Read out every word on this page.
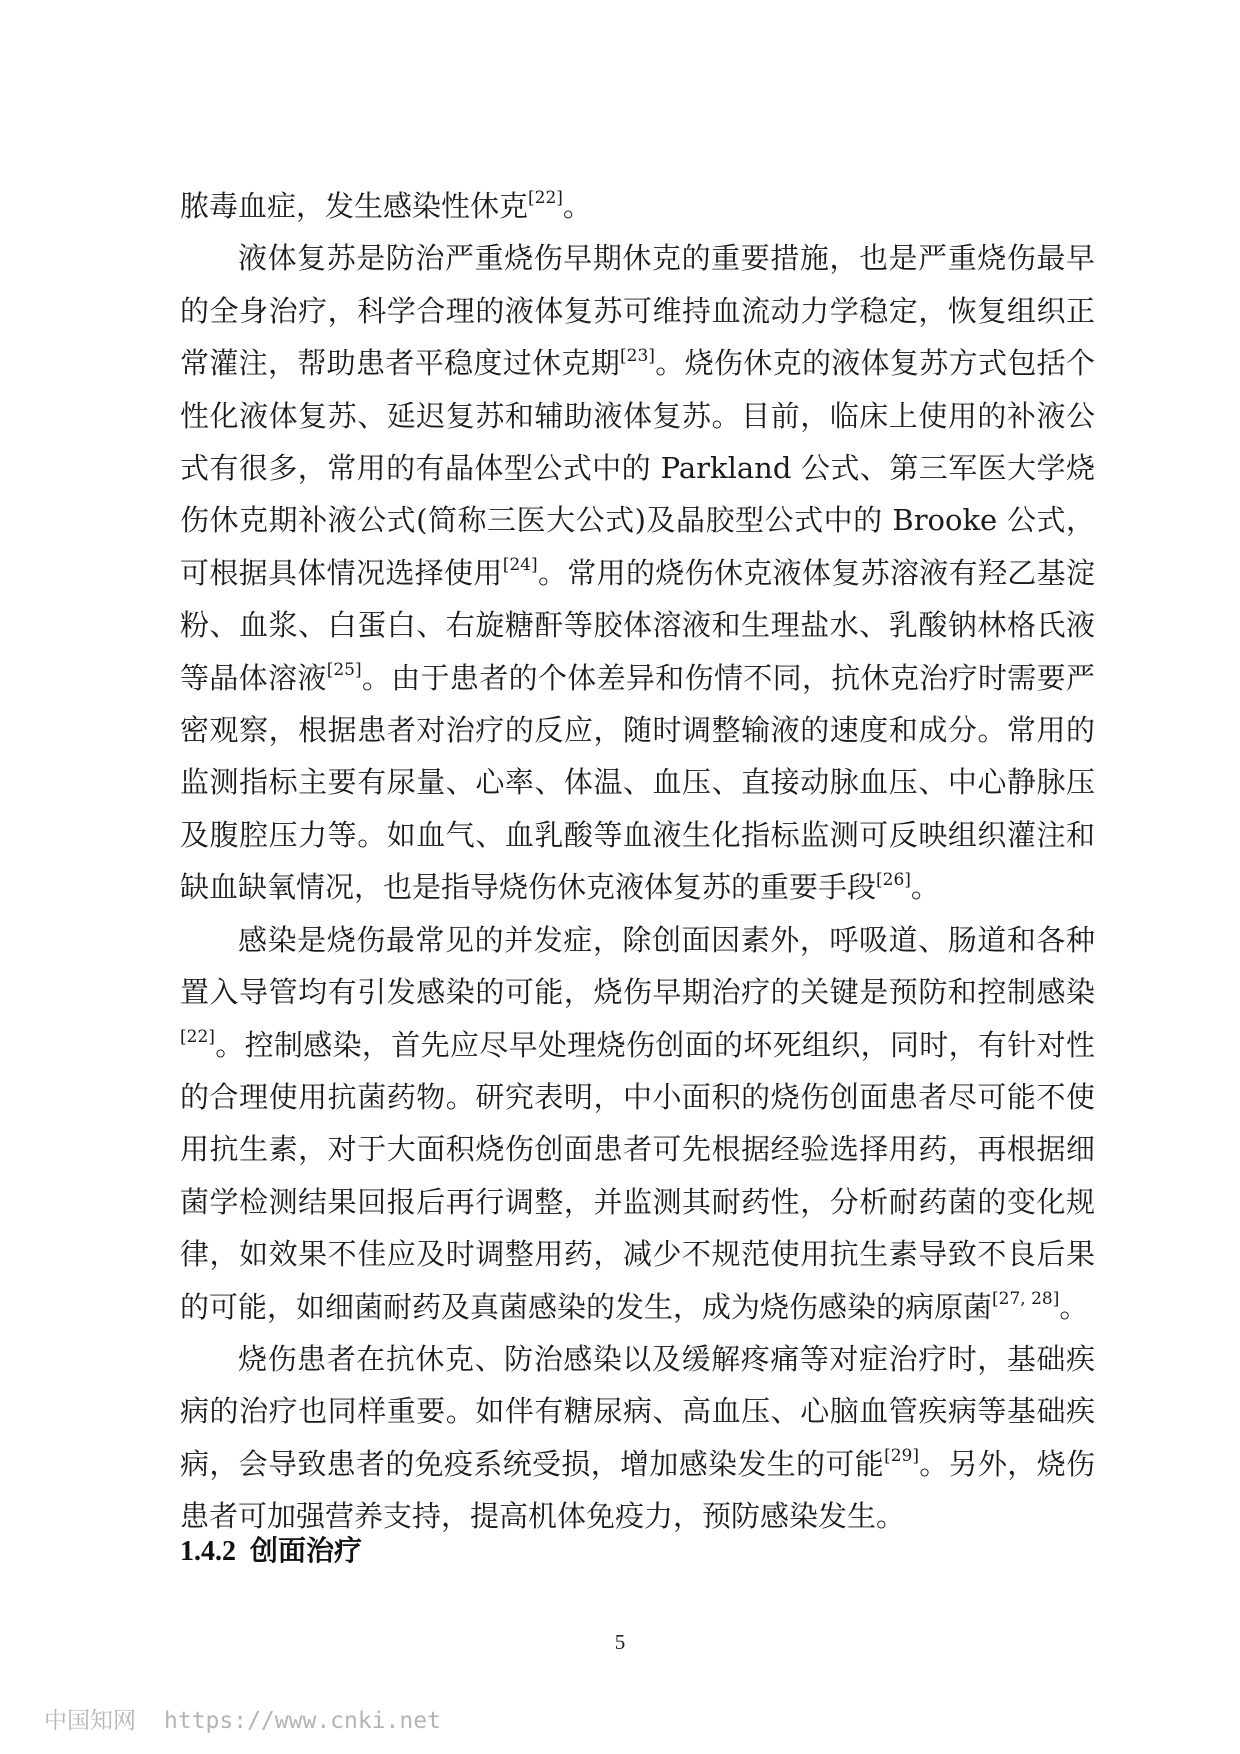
脓毒血症，发生感染性休克[22]。

液体复苏是防治严重烧伤早期休克的重要措施，也是严重烧伤最早的全身治疗，科学合理的液体复苏可维持血流动力学稳定，恢复组织正常灌注，帮助患者平稳度过休克期[23]。烧伤休克的液体复苏方式包括个性化液体复苏、延迟复苏和辅助液体复苏。目前，临床上使用的补液公式有很多，常用的有晶体型公式中的 Parkland 公式、第三军医大学烧伤休克期补液公式(简称三医大公式)及晶胶型公式中的 Brooke 公式，可根据具体情况选择使用[24]。常用的烧伤休克液体复苏溶液有羟乙基淀粉、血浆、白蛋白、右旋糖酐等胶体溶液和生理盐水、乳酸钠林格氏液等晶体溶液[25]。由于患者的个体差异和伤情不同，抗休克治疗时需要严密观察，根据患者对治疗的反应，随时调整输液的速度和成分。常用的监测指标主要有尿量、心率、体温、血压、直接动脉血压、中心静脉压及腹腔压力等。如血气、血乳酸等血液生化指标监测可反映组织灌注和缺血缺氧情况，也是指导烧伤休克液体复苏的重要手段[26]。

感染是烧伤最常见的并发症，除创面因素外，呼吸道、肠道和各种置入导管均有引发感染的可能，烧伤早期治疗的关键是预防和控制感染[22]。控制感染，首先应尽早处理烧伤创面的坏死组织，同时，有针对性的合理使用抗菌药物。研究表明，中小面积的烧伤创面患者尽可能不使用抗生素，对于大面积烧伤创面患者可先根据经验选择用药，再根据细菌学检测结果回报后再行调整，并监测其耐药性，分析耐药菌的变化规律，如效果不佳应及时调整用药，减少不规范使用抗生素导致不良后果的可能，如细菌耐药及真菌感染的发生，成为烧伤感染的病原菌[27, 28]。

烧伤患者在抗休克、防治感染以及缓解疼痛等对症治疗时，基础疾病的治疗也同样重要。如伴有糖尿病、高血压、心脑血管疾病等基础疾病，会导致患者的免疫系统受损，增加感染发生的可能[29]。另外，烧伤患者可加强营养支持，提高机体免疫力，预防感染发生。

1.4.2 创面治疗
5
中国知网 https://www.cnki.net
